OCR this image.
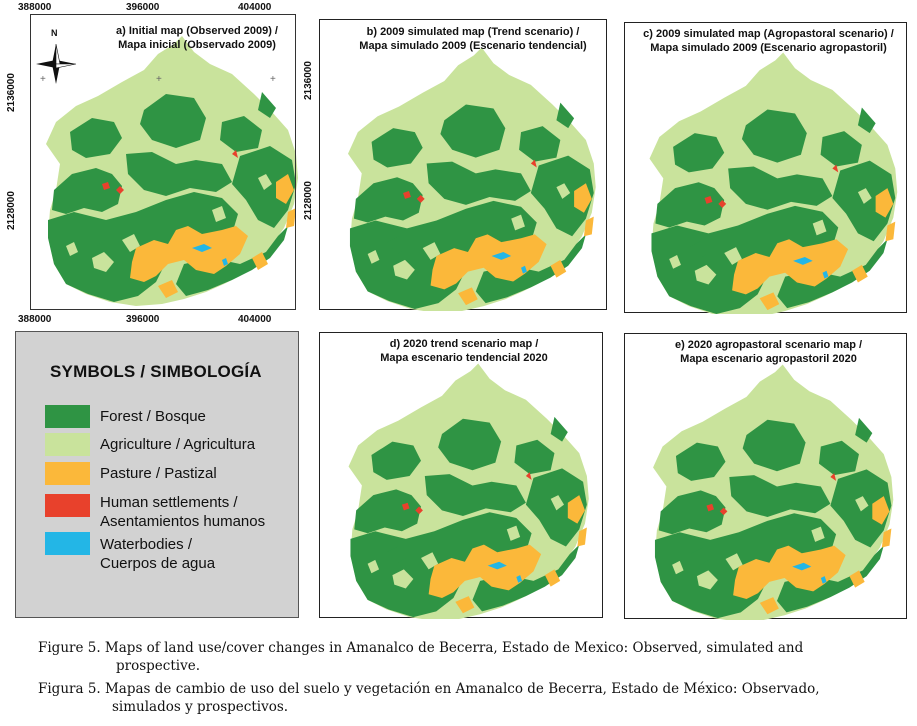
a) Initial map (Observed 2009) /
Mapa inicial (Observado 2009)
N
+	+	+
388000	396000	404000
388000	396000	404000
2136000
2128000
b) 2009 simulated map (Trend scenario) /
Mapa simulado 2009 (Escenario tendencial)
2136000
2128000
c) 2009 simulated map (Agropastoral scenario) /
Mapa simulado 2009 (Escenario agropastoril)
SYMBOLS / SIMBOLOGÍA
Forest / Bosque
Agriculture / Agricultura
Pasture / Pastizal
Human settlements /
Asentamientos humanos
Waterbodies /
Cuerpos de agua
d) 2020 trend scenario map /
Mapa escenario tendencial 2020
e) 2020 agropastoral scenario map /
Mapa escenario agropastoril 2020
Figure 5. Maps of land use/cover changes in Amanalco de Becerra, Estado de Mexico: Observed, simulated and
prospective.
Figura 5. Mapas de cambio de uso del suelo y vegetación en Amanalco de Becerra, Estado de México: Observado,
simulados y prospectivos.
